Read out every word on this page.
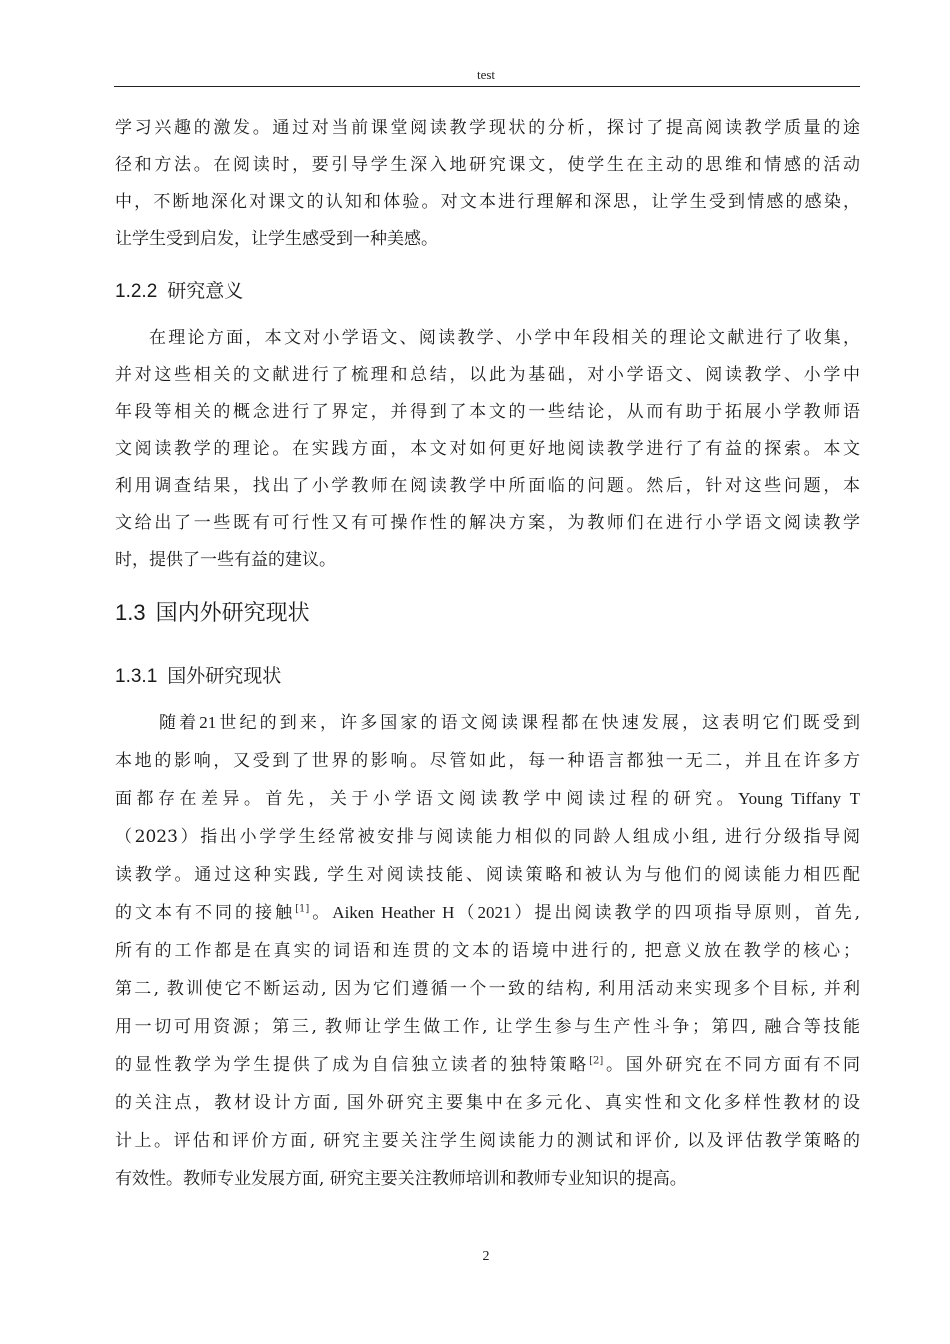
test
学习兴趣的激发。通过对当前课堂阅读教学现状的分析，探讨了提高阅读教学质量的途
径和方法。在阅读时，要引导学生深入地研究课文，使学生在主动的思维和情感的活动
中，不断地深化对课文的认知和体验。对文本进行理解和深思，让学生受到情感的感染，
让学生受到启发，让学生感受到一种美感。
1.2.2 研究意义
在理论方面，本文对小学语文、阅读教学、小学中年段相关的理论文献进行了收集，
并对这些相关的文献进行了梳理和总结，以此为基础，对小学语文、阅读教学、小学中
年段等相关的概念进行了界定，并得到了本文的一些结论，从而有助于拓展小学教师语
文阅读教学的理论。在实践方面，本文对如何更好地阅读教学进行了有益的探索。本文
利用调查结果，找出了小学教师在阅读教学中所面临的问题。然后，针对这些问题，本
文给出了一些既有可行性又有可操作性的解决方案，为教师们在进行小学语文阅读教学
时，提供了一些有益的建议。
1.3 国内外研究现状
1.3.1 国外研究现状
随着21世纪的到来，许多国家的语文阅读课程都在快速发展，这表明它们既受到
本地的影响，又受到了世界的影响。尽管如此，每一种语言都独一无二，并且在许多方
面都存在差异。首先，关于小学语文阅读教学中阅读过程的研究。Young Tiffany T
（2023）指出小学学生经常被安排与阅读能力相似的同龄人组成小组, 进行分级指导阅
读教学。通过这种实践, 学生对阅读技能、阅读策略和被认为与他们的阅读能力相匹配
的文本有不同的接触[1]。Aiken Heather H（2021）提出阅读教学的四项指导原则，首先,
所有的工作都是在真实的词语和连贯的文本的语境中进行的, 把意义放在教学的核心；
第二, 教训使它不断运动, 因为它们遵循一个一致的结构, 利用活动来实现多个目标, 并利
用一切可用资源；第三, 教师让学生做工作, 让学生参与生产性斗争；第四, 融合等技能
的显性教学为学生提供了成为自信独立读者的独特策略[2]。国外研究在不同方面有不同
的关注点，教材设计方面, 国外研究主要集中在多元化、真实性和文化多样性教材的设
计上。评估和评价方面, 研究主要关注学生阅读能力的测试和评价, 以及评估教学策略的
有效性。教师专业发展方面, 研究主要关注教师培训和教师专业知识的提高。
2
